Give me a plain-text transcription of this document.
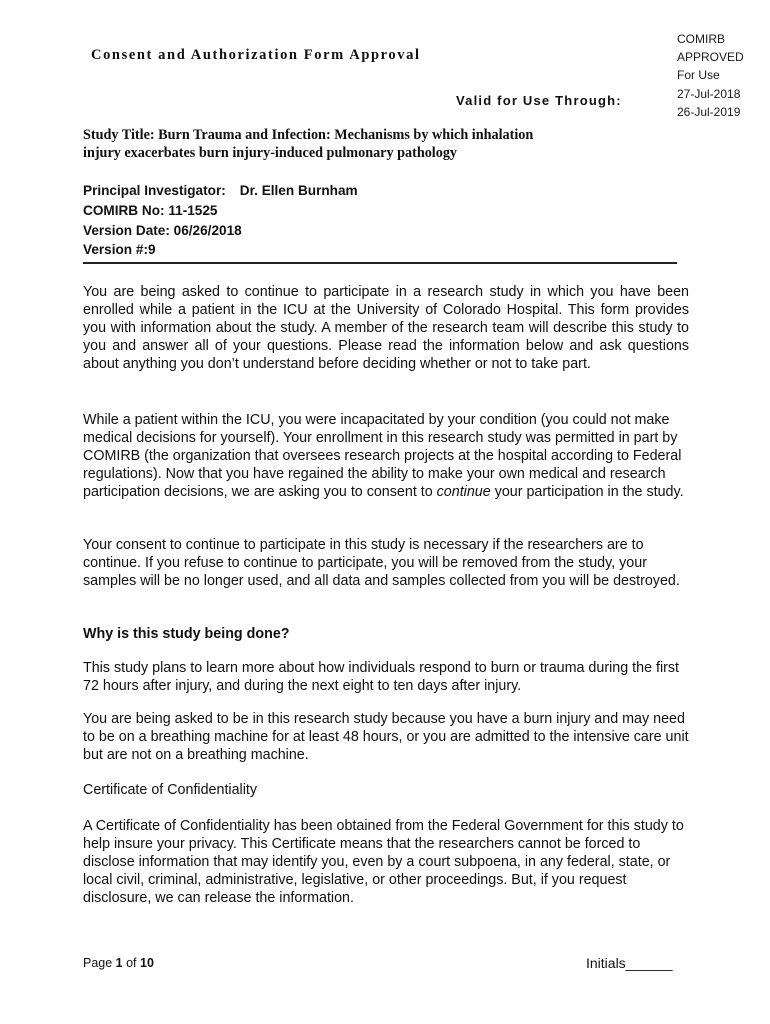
COMIRB
APPROVED
For Use
27-Jul-2018
26-Jul-2019
Consent and Authorization Form Approval
Valid for Use Through:
Study Title: Burn Trauma and Infection: Mechanisms by which inhalation
injury exacerbates burn injury-induced pulmonary pathology
Principal Investigator: Dr. Ellen Burnham
COMIRB No: 11-1525
Version Date: 06/26/2018
Version #:9
You are being asked to continue to participate in a research study in which you have been enrolled while a patient in the ICU at the University of Colorado Hospital. This form provides you with information about the study. A member of the research team will describe this study to you and answer all of your questions. Please read the information below and ask questions about anything you don’t understand before deciding whether or not to take part.
While a patient within the ICU, you were incapacitated by your condition (you could not make medical decisions for yourself). Your enrollment in this research study was permitted in part by COMIRB (the organization that oversees research projects at the hospital according to Federal regulations). Now that you have regained the ability to make your own medical and research participation decisions, we are asking you to consent to continue your participation in the study.
Your consent to continue to participate in this study is necessary if the researchers are to continue. If you refuse to continue to participate, you will be removed from the study, your samples will be no longer used, and all data and samples collected from you will be destroyed.
Why is this study being done?
This study plans to learn more about how individuals respond to burn or trauma during the first 72 hours after injury, and during the next eight to ten days after injury.
You are being asked to be in this research study because you have a burn injury and may need to be on a breathing machine for at least 48 hours, or you are admitted to the intensive care unit but are not on a breathing machine.
Certificate of Confidentiality
A Certificate of Confidentiality has been obtained from the Federal Government for this study to help insure your privacy. This Certificate means that the researchers cannot be forced to disclose information that may identify you, even by a court subpoena, in any federal, state, or local civil, criminal, administrative, legislative, or other proceedings. But, if you request disclosure, we can release the information.
Page 1 of 10	Initials______
